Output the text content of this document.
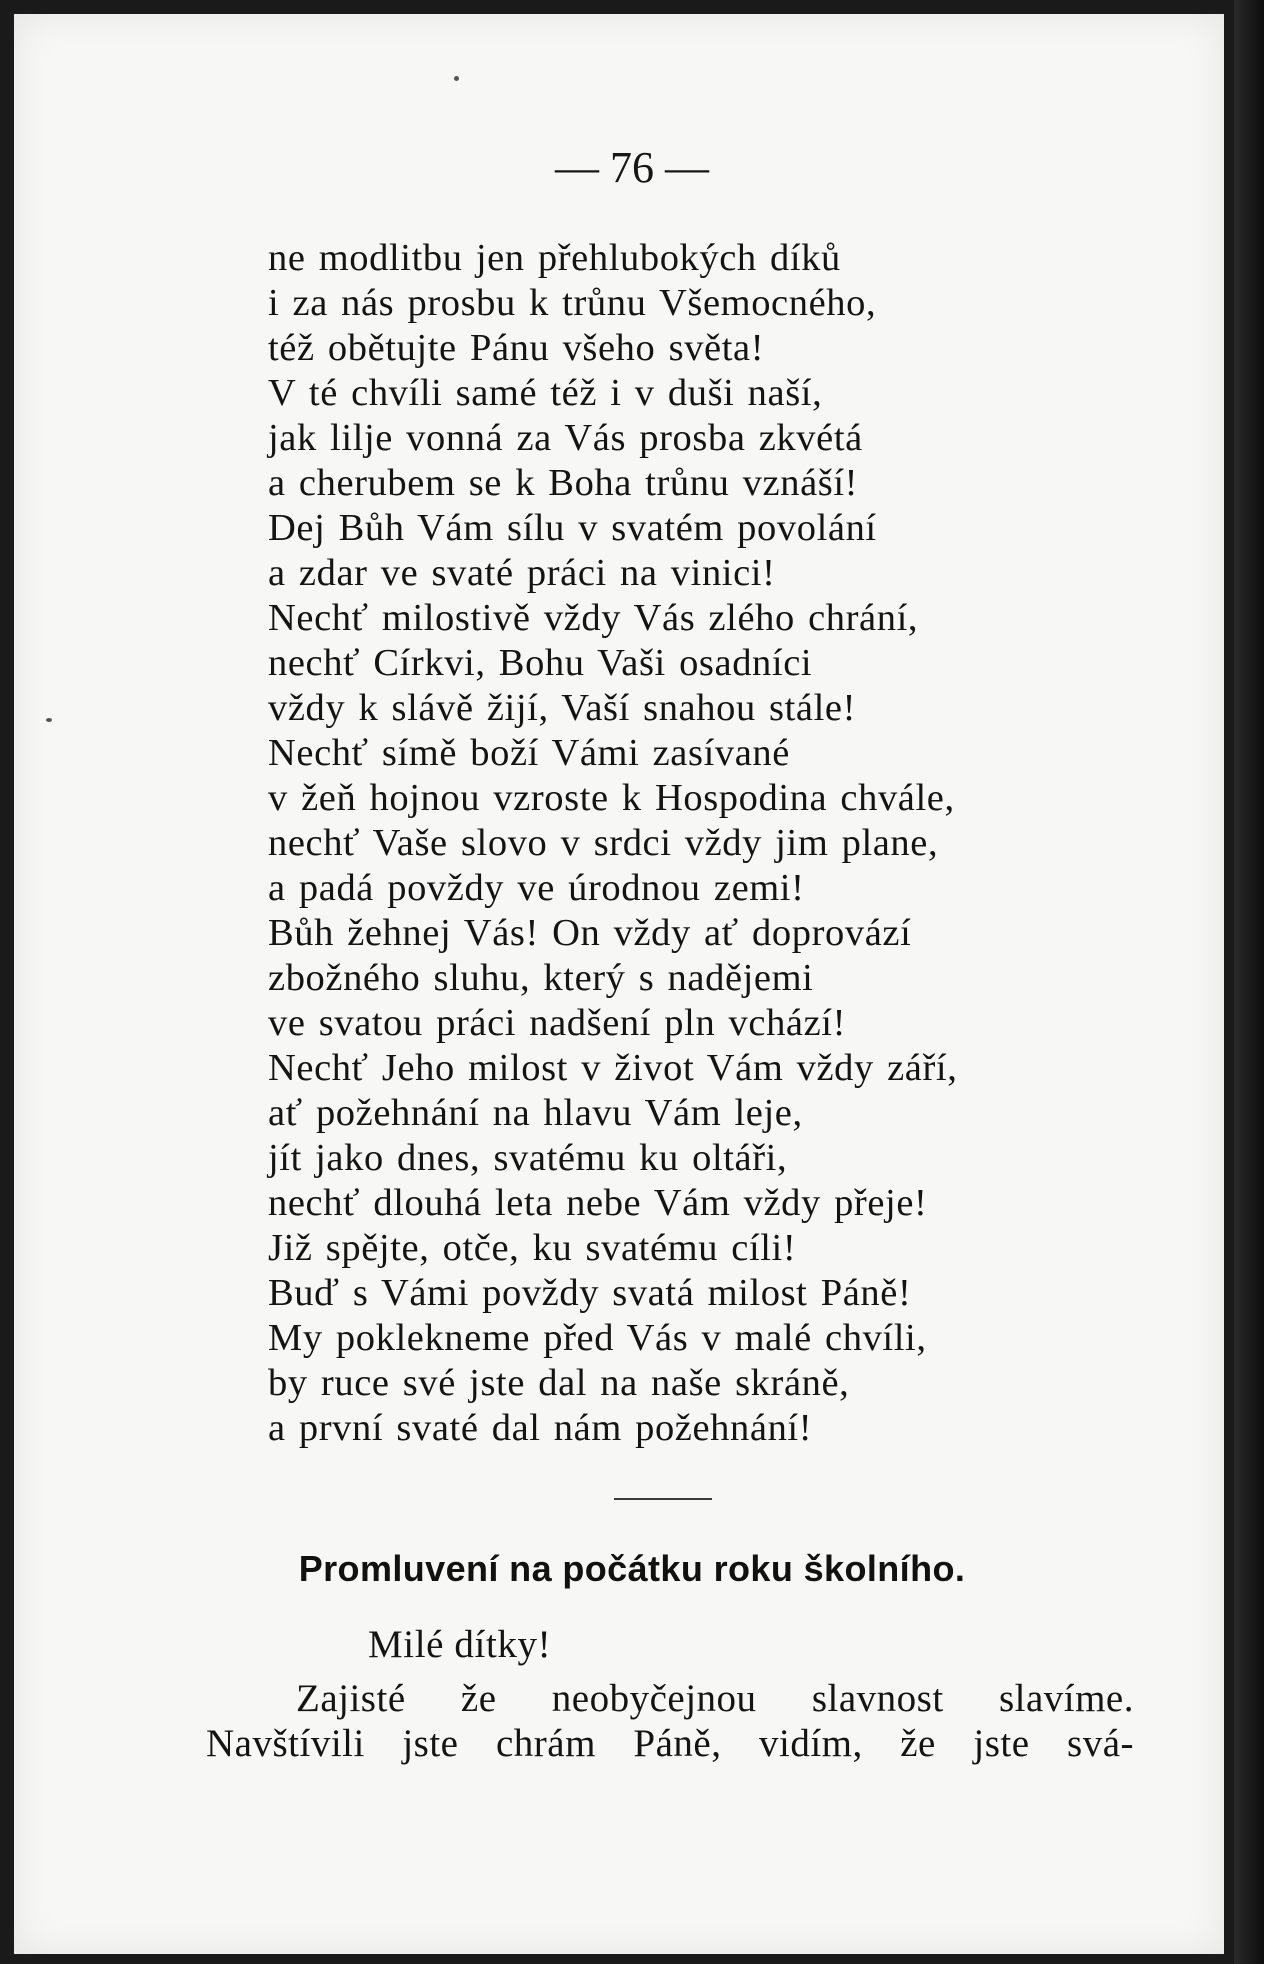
— 76 —
ne modlitbu jen přehlubokých díků
i za nás prosbu k trůnu Všemocného,
též obětujte Pánu všeho světa!
V té chvíli samé též i v duši naší,
jak lilje vonná za Vás prosba zkvétá
a cherubem se k Boha trůnu vznáší!
Dej Bůh Vám sílu v svatém povolání
a zdar ve svaté práci na vinici!
Nechť milostivě vždy Vás zlého chrání,
nechť Církvi, Bohu Vaši osadníci
vždy k slávě žijí, Vaší snahou stále!
Nechť símě boží Vámi zasívané
v žeň hojnou vzroste k Hospodina chvále,
nechť Vaše slovo v srdci vždy jim plane,
a padá povždy ve úrodnou zemi!
Bůh žehnej Vás! On vždy ať doprovází
zbožného sluhu, který s nadějemi
ve svatou práci nadšení pln vchází!
Nechť Jeho milost v život Vám vždy září,
ať požehnání na hlavu Vám leje,
jít jako dnes, svatému ku oltáři,
nechť dlouhá leta nebe Vám vždy přeje!
Již spějte, otče, ku svatému cíli!
Buď s Vámi povždy svatá milost Páně!
My poklekneme před Vás v malé chvíli,
by ruce své jste dal na naše skráně,
a první svaté dal nám požehnání!
Promluvení na počátku roku školního.
Milé dítky!
Zajisté že neobyčejnou slavnost slavíme.
Navštívili jste chrám Páně, vidím, že jste svá-
